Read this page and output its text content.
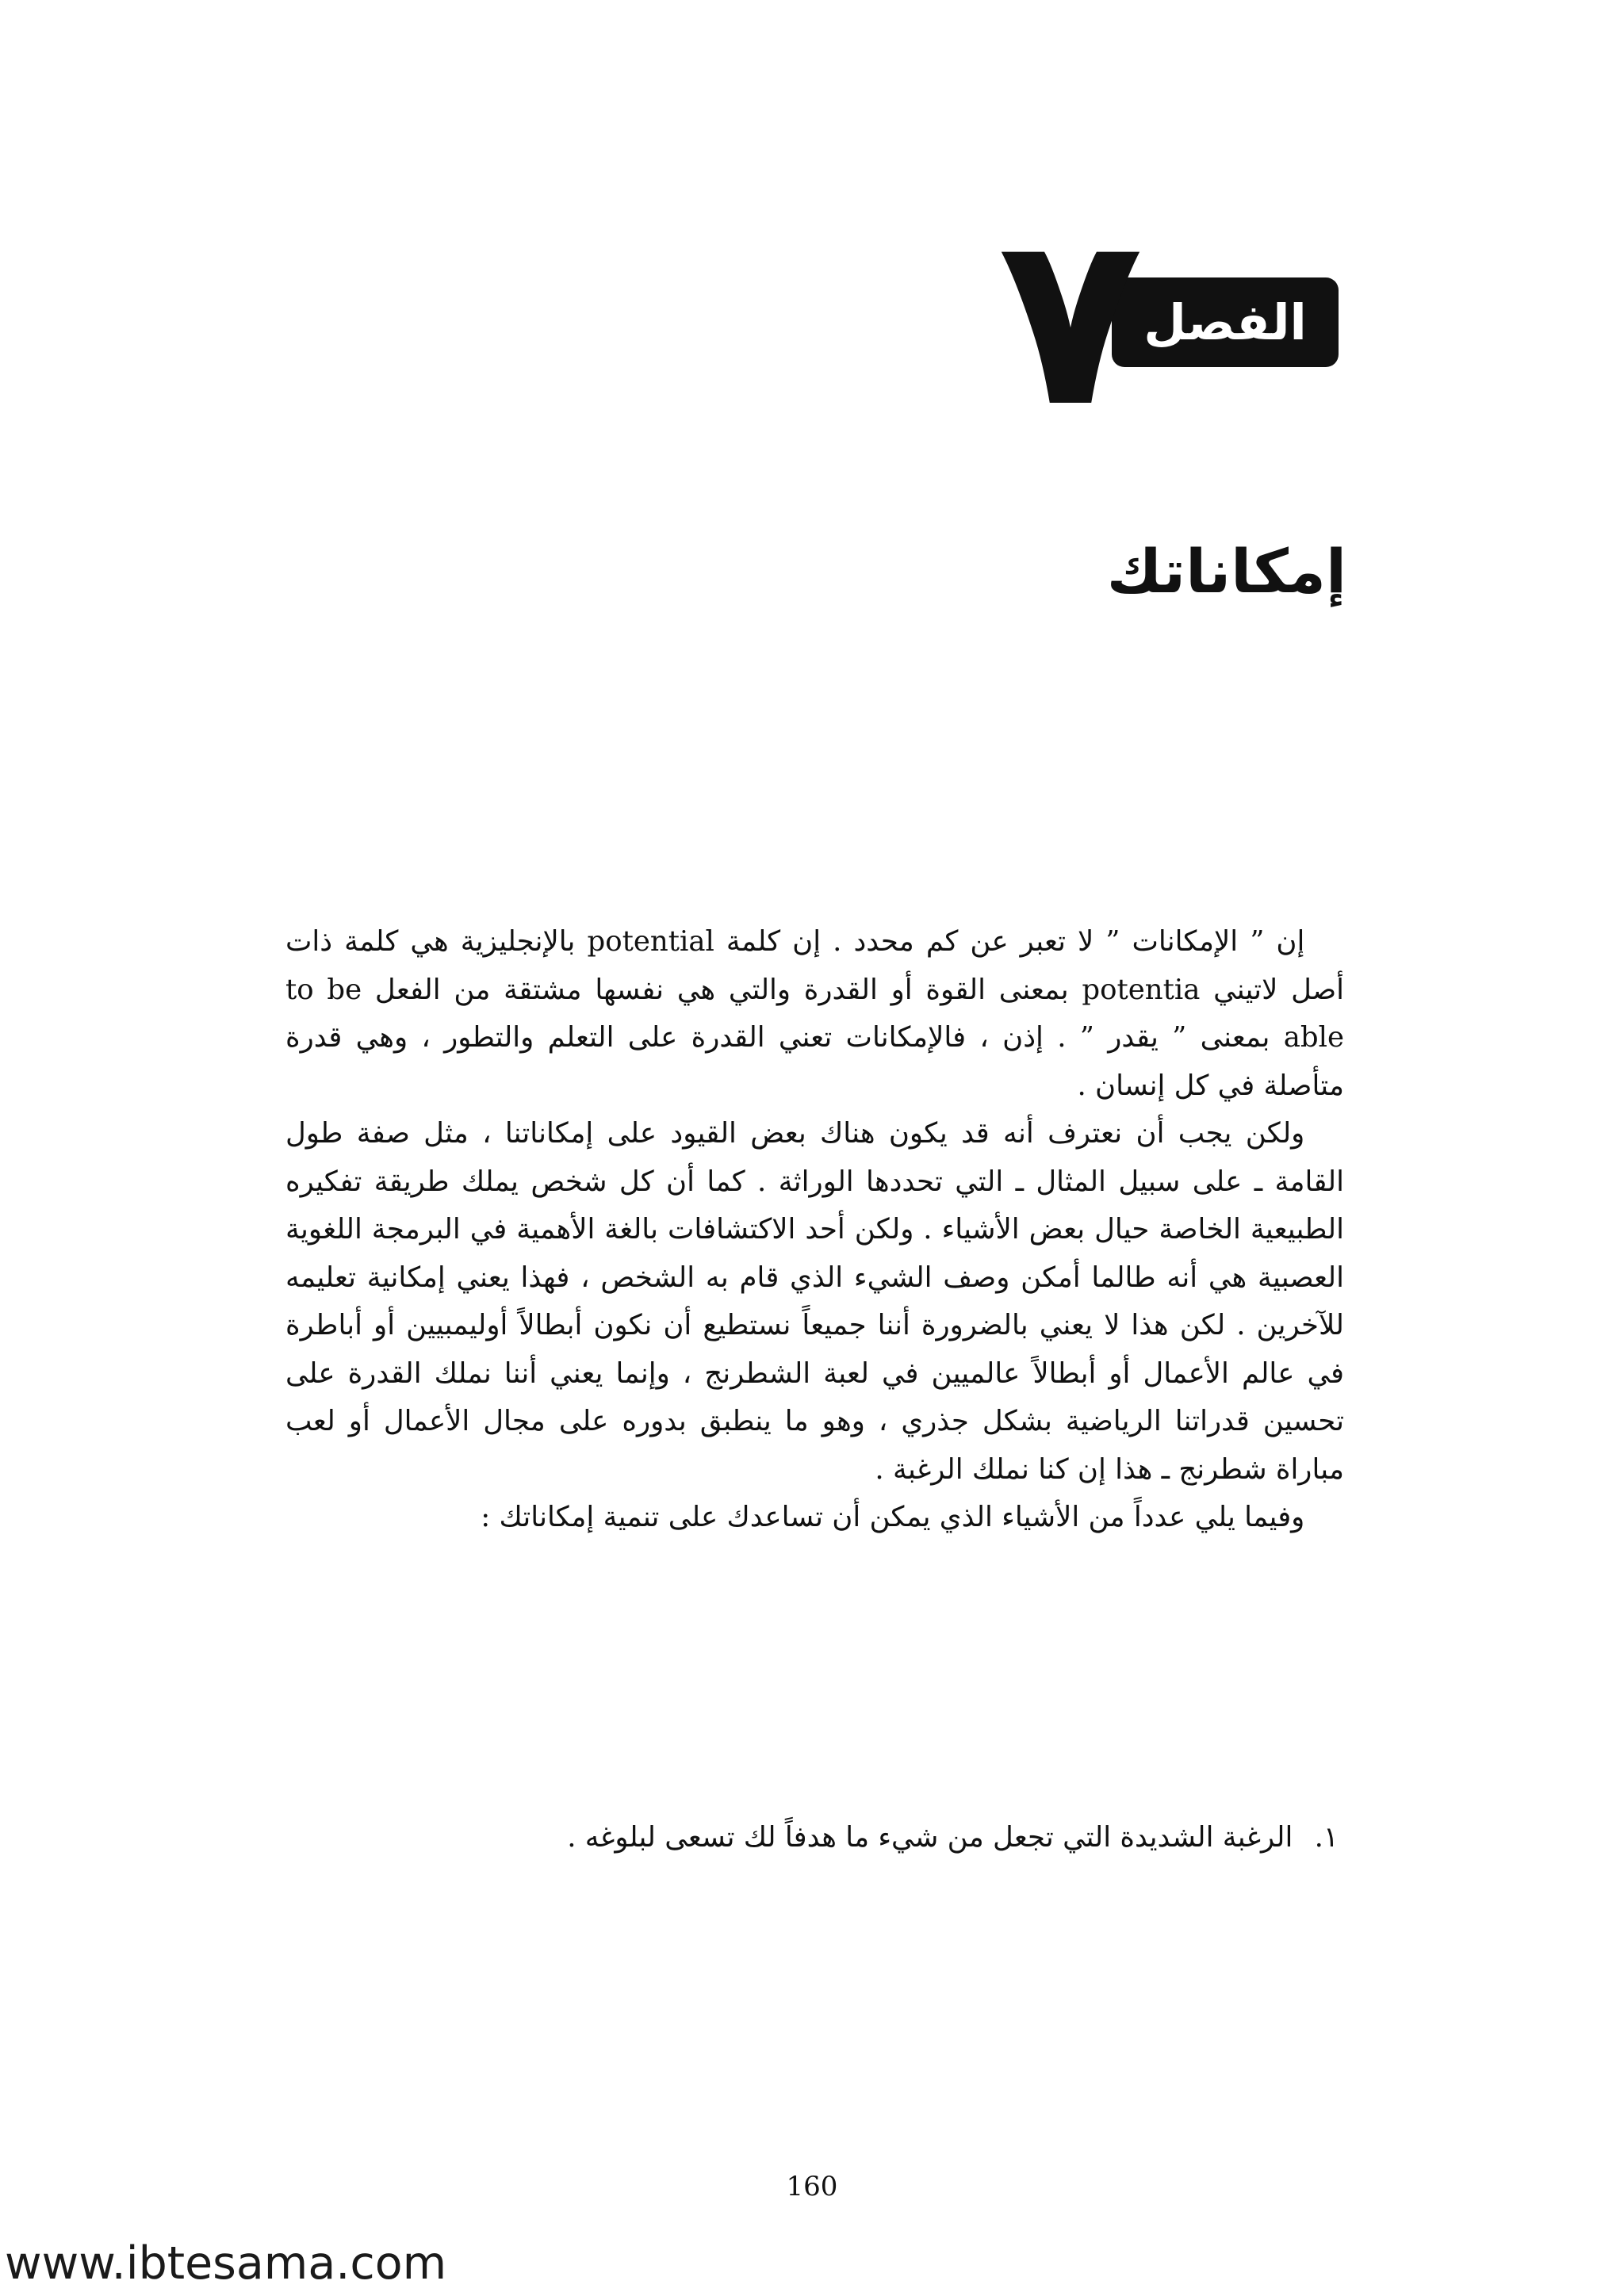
الفصل
٧
إمكاناتك

إن ” الإمكانات ” لا تعبر عن كم محدد . إن كلمة potential بالإنجليزية هي كلمة ذات أصل لاتيني potentia بمعنى القوة أو القدرة والتي هي نفسها مشتقة من الفعل to be able بمعنى ” يقدر ” . إذن ، فالإمكانات تعني القدرة على التعلم والتطور ، وهي قدرة متأصلة في كل إنسان .

ولكن يجب أن نعترف أنه قد يكون هناك بعض القيود على إمكاناتنا ، مثل صفة طول القامة ـ على سبيل المثال ـ التي تحددها الوراثة . كما أن كل شخص يملك طريقة تفكيره الطبيعية الخاصة حيال بعض الأشياء . ولكن أحد الاكتشافات بالغة الأهمية في البرمجة اللغوية العصبية هي أنه طالما أمكن وصف الشيء الذي قام به الشخص ، فهذا يعني إمكانية تعليمه للآخرين . لكن هذا لا يعني بالضرورة أننا جميعاً نستطيع أن نكون أبطالاً أوليمبيين أو أباطرة في عالم الأعمال أو أبطالاً عالميين في لعبة الشطرنج ، وإنما يعني أننا نملك القدرة على تحسين قدراتنا الرياضية بشكل جذري ، وهو ما ينطبق بدوره على مجال الأعمال أو لعب مباراة شطرنج ـ هذا إن كنا نملك الرغبة .

وفيما يلي عدداً من الأشياء الذي يمكن أن تساعدك على تنمية إمكاناتك :

١. الرغبة الشديدة التي تجعل من شيء ما هدفاً لك تسعى لبلوغه .
160
www.ibtesama.com
